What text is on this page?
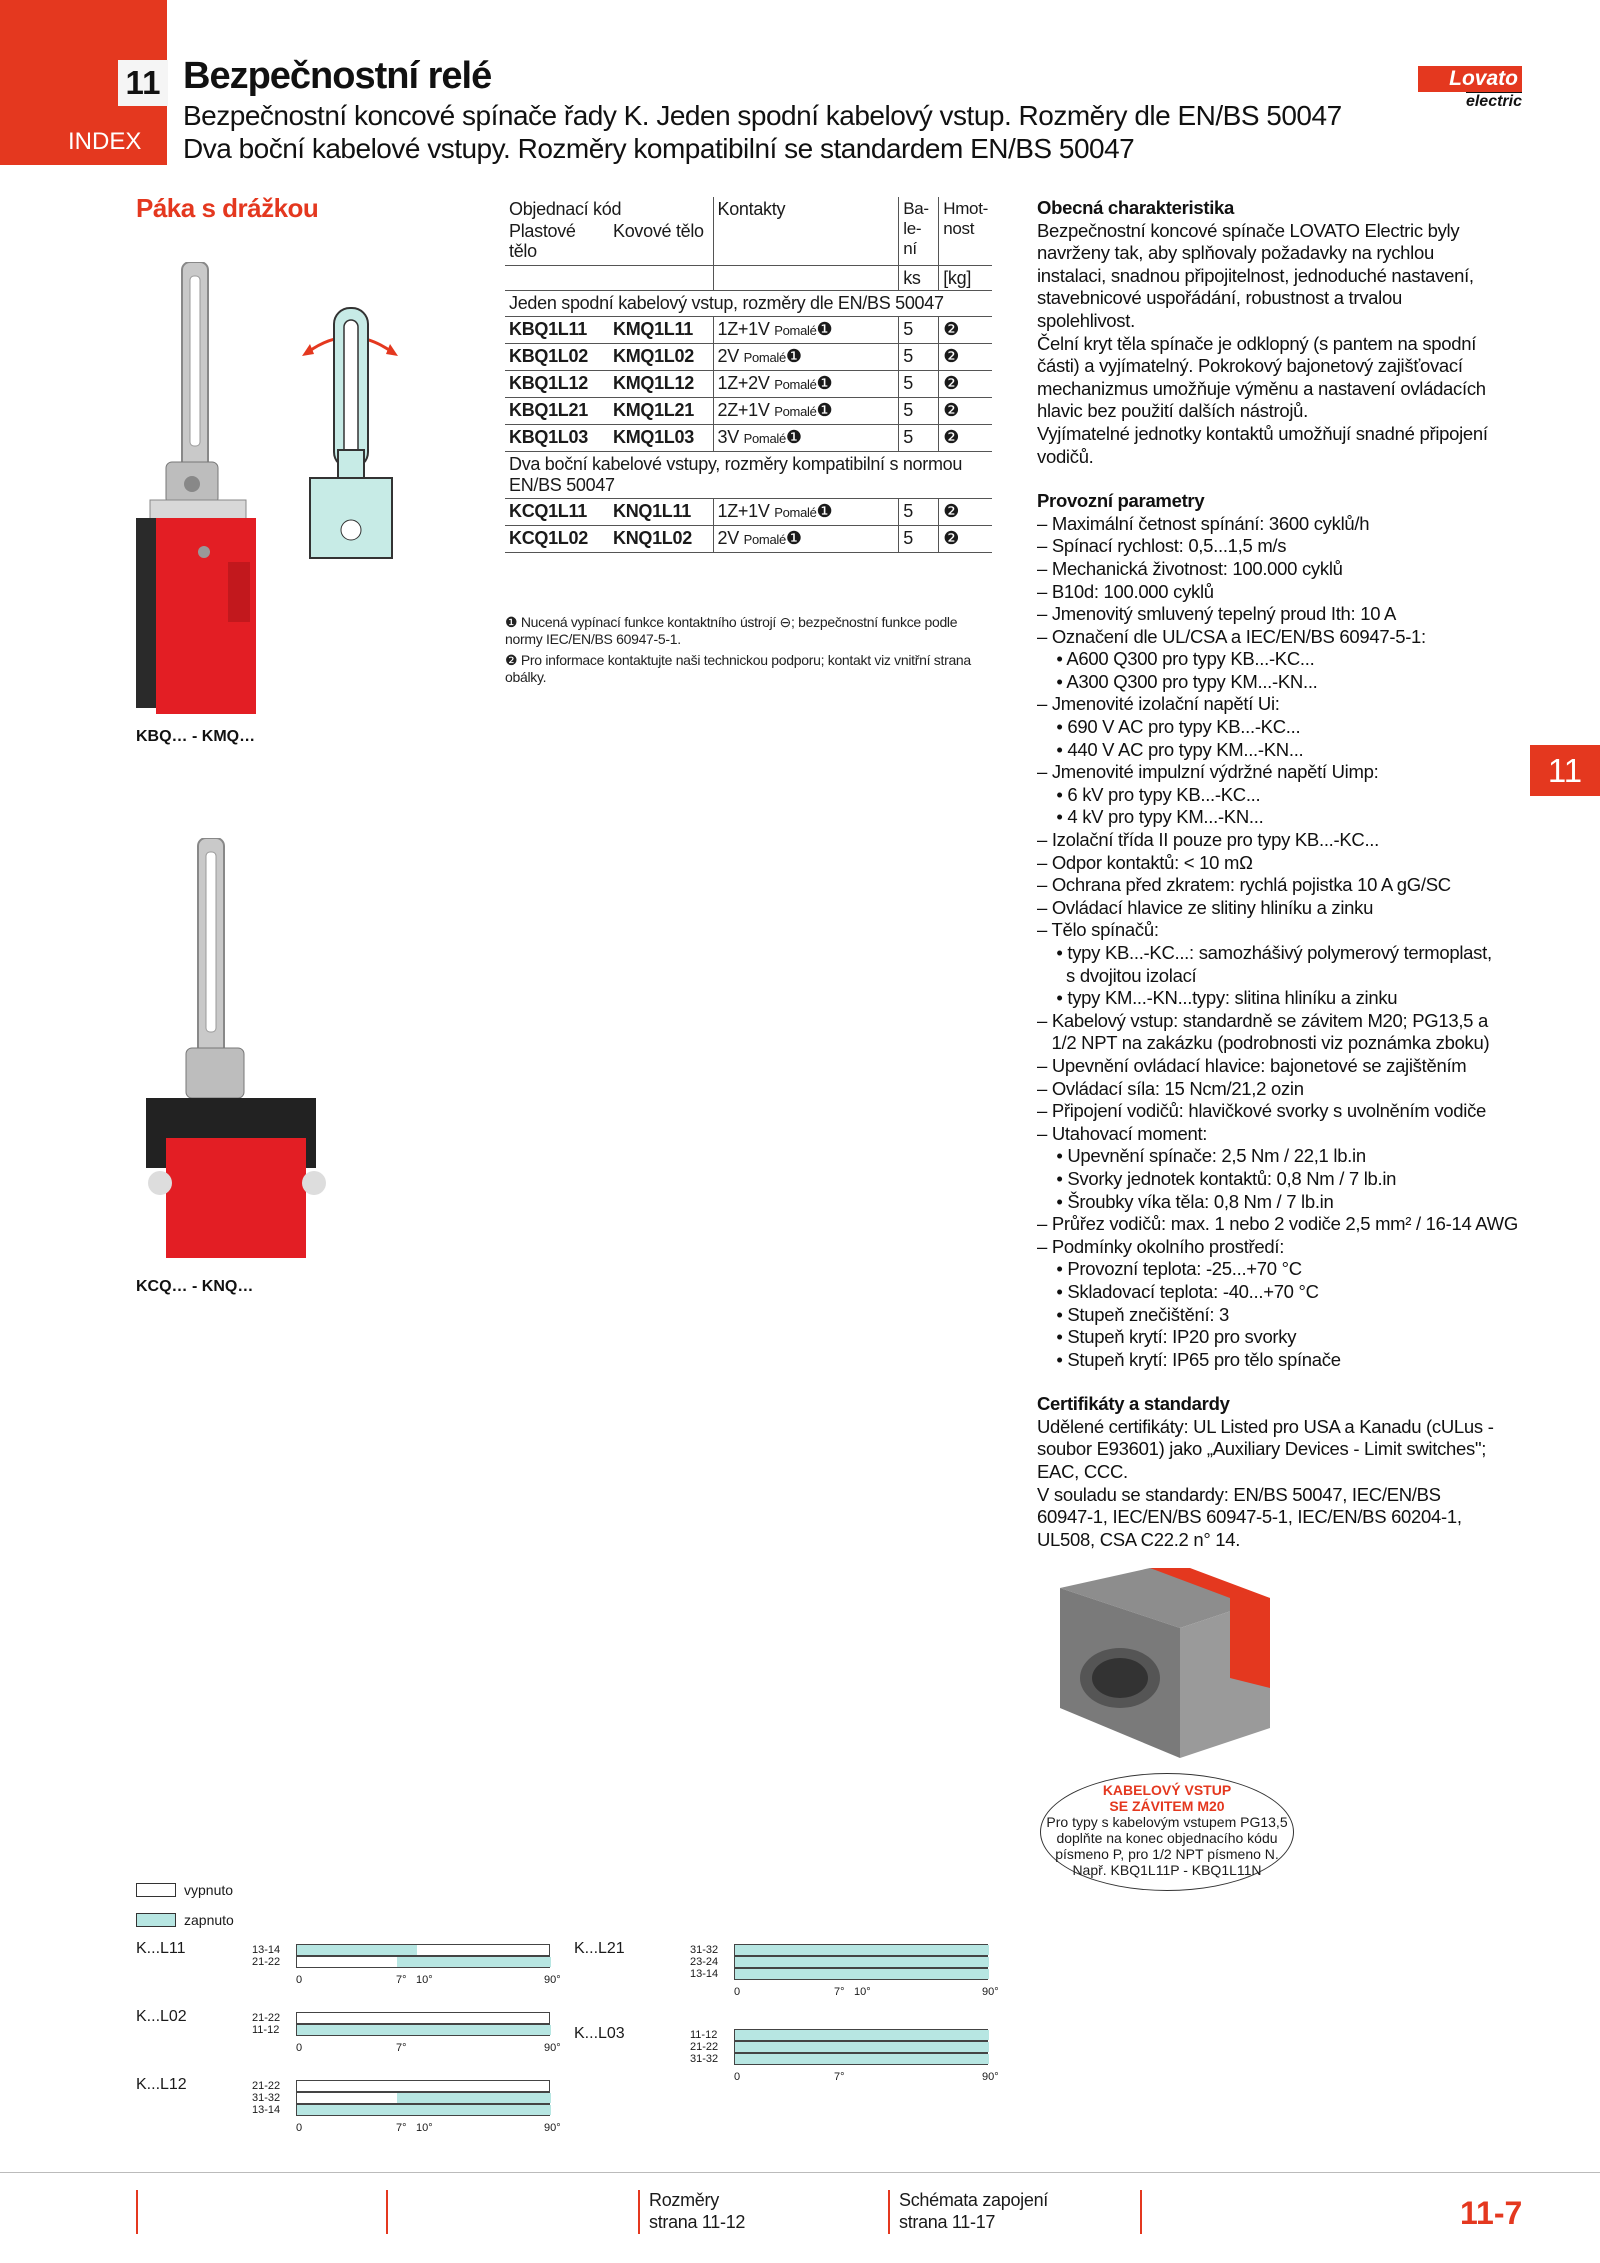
11
INDEX
Bezpečnostní relé
Bezpečnostní koncové spínače řady K. Jeden spodní kabelový vstup. Rozměry dle EN/BS 50047
Dva boční kabelové vstupy. Rozměry kompatibilní se standardem EN/BS 50047
Lovato
electric
Páka s drážkou
KBQ… - KMQ…
KCQ… - KNQ…
Objednací kód		Kontakty	Ba-le-ní	Hmot-nost
Plastové tělo	Kovové tělo			
			ks	[kg]
Jeden spodní kabelový vstup, rozměry dle EN/BS 50047				
KBQ1L11	KMQ1L11	1Z+1V Pomalé❶	5	❷
KBQ1L02	KMQ1L02	2V Pomalé❶	5	❷
KBQ1L12	KMQ1L12	1Z+2V Pomalé❶	5	❷
KBQ1L21	KMQ1L21	2Z+1V Pomalé❶	5	❷
KBQ1L03	KMQ1L03	3V Pomalé❶	5	❷
Dva boční kabelové vstupy, rozměry kompatibilní s normou EN/BS 50047				
KCQ1L11	KNQ1L11	1Z+1V Pomalé❶	5	❷
KCQ1L02	KNQ1L02	2V Pomalé❶	5	❷
❶ Nucená vypínací funkce kontaktního ústrojí ⊖; bezpečnostní funkce podle normy IEC/EN/BS 60947-5-1.
❷ Pro informace kontaktujte naši technickou podporu; kontakt viz vnitřní strana obálky.
Obecná charakteristika

Bezpečnostní koncové spínače LOVATO Electric byly navrženy tak, aby splňovaly požadavky na rychlou instalaci, snadnou připojitelnost, jednoduché nastavení, stavebnicové uspořádání, robustnost a trvalou spolehlivost.

Čelní kryt těla spínače je odklopný (s pantem na spodní části) a vyjímatelný. Pokrokový bajonetový zajišťovací mechanizmus umožňuje výměnu a nastavení ovládacích hlavic bez použití dalších nástrojů.

Vyjímatelné jednotky kontaktů umožňují snadné připojení vodičů.

Provozní parametry
– Maximální četnost spínání: 3600 cyklů/h
– Spínací rychlost: 0,5...1,5 m/s
– Mechanická životnost: 100.000 cyklů
– B10d: 100.000 cyklů
– Jmenovitý smluvený tepelný proud Ith: 10 A
– Označení dle UL/CSA a IEC/EN/BS 60947-5-1:
• A600 Q300 pro typy KB...-KC...
• A300 Q300 pro typy KM...-KN...
– Jmenovité izolační napětí Ui:
• 690 V AC pro typy KB...-KC...
• 440 V AC pro typy KM...-KN...
– Jmenovité impulzní výdržné napětí Uimp:
• 6 kV pro typy KB...-KC...
• 4 kV pro typy KM...-KN...
– Izolační třída II pouze pro typy KB...-KC...
– Odpor kontaktů: < 10 mΩ
– Ochrana před zkratem: rychlá pojistka 10 A gG/SC
– Ovládací hlavice ze slitiny hliníku a zinku
– Tělo spínačů:
• typy KB...-KC...: samozhášivý polymerový termoplast,
s dvojitou izolací
• typy KM...-KN...typy: slitina hliníku a zinku
– Kabelový vstup: standardně se závitem M20; PG13,5 a
1/2 NPT na zakázku (podrobnosti viz poznámka zboku)
– Upevnění ovládací hlavice: bajonetové se zajištěním
– Ovládací síla: 15 Ncm/21,2 ozin
– Připojení vodičů: hlavičkové svorky s uvolněním vodiče
– Utahovací moment:
• Upevnění spínače: 2,5 Nm / 22,1 lb.in
• Svorky jednotek kontaktů: 0,8 Nm / 7 lb.in
• Šroubky víka těla: 0,8 Nm / 7 lb.in
– Průřez vodičů: max. 1 nebo 2 vodiče 2,5 mm² / 16-14 AWG
– Podmínky okolního prostředí:
• Provozní teplota: -25...+70 °C
• Skladovací teplota: -40...+70 °C
• Stupeň znečištění: 3
• Stupeň krytí: IP20 pro svorky
• Stupeň krytí: IP65 pro tělo spínače
Certifikáty a standardy

Udělené certifikáty: UL Listed pro USA a Kanadu (cULus - soubor E93601) jako „Auxiliary Devices - Limit switches"; EAC, CCC.

V souladu se standardy: EN/BS 50047, IEC/EN/BS 60947-1, IEC/EN/BS 60947-5-1, IEC/EN/BS 60204-1, UL508, CSA C22.2 n° 14.

11
KABELOVÝ VSTUP
SE ZÁVITEM M20
Pro typy s kabelovým vstupem PG13,5
doplňte na konec objednacího kódu
písmeno P, pro 1/2 NPT písmeno N.
Např. KBQ1L11P - KBQ1L11N
vypnuto
zapnuto
K...L11	13-14
21-22
0	7° 10°	90°
K...L02	21-22
11-12
0	7°	90°
K...L12	21-22
31-32
13-14
0	7° 10°	90°
K...L21	31-32
23-24
13-14
0	7° 10°	90°
K...L03	11-12
21-22
31-32
0	7°	90°
Rozměry
strana 11-12
Schémata zapojení
strana 11-17	11-7
